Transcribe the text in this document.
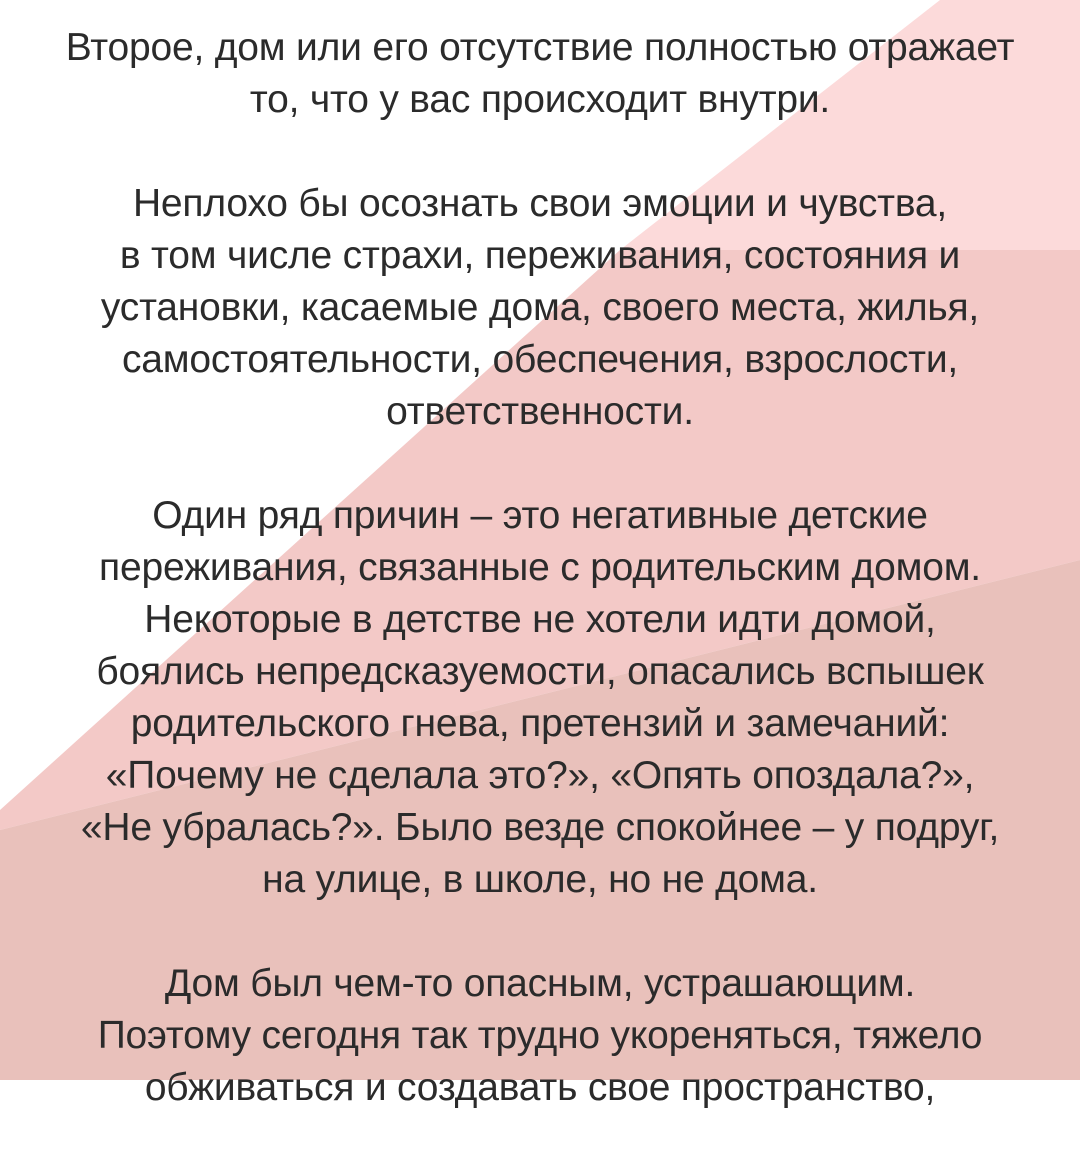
Второе, дом или его отсутствие полностью отражает
то, что у вас происходит внутри.
Неплохо бы осознать свои эмоции и чувства,
в том числе страхи, переживания, состояния и
установки, касаемые дома, своего места, жилья,
самостоятельности, обеспечения, взрослости,
ответственности.
Один ряд причин – это негативные детские
переживания, связанные с родительским домом.
Некоторые в детстве не хотели идти домой,
боялись непредсказуемости, опасались вспышек
родительского гнева, претензий и замечаний:
«Почему не сделала это?», «Опять опоздала?»,
«Не убралась?». Было везде спокойнее – у подруг,
на улице, в школе, но не дома.
Дом был чем-то опасным, устрашающим.
Поэтому сегодня так трудно укореняться, тяжело
обживаться и создавать свое пространство,
